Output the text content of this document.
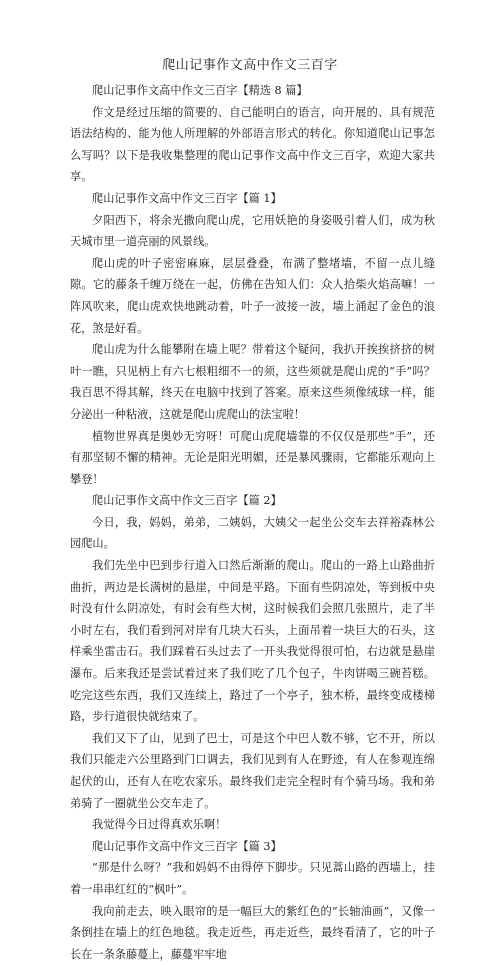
爬山记事作文高中作文三百字

爬山记事作文高中作文三百字【精选 8 篇】

作文是经过压缩的简要的、自己能明白的语言，向开展的、具有规范语法结构的、能为他人所理解的外部语言形式的转化。你知道爬山记事怎么写吗？以下是我收集整理的爬山记事作文高中作文三百字，欢迎大家共享。

爬山记事作文高中作文三百字【篇 1】

夕阳西下，将余光撒向爬山虎，它用妖艳的身姿吸引着人们，成为秋天城市里一道亮丽的风景线。

爬山虎的叶子密密麻麻，层层叠叠，布满了整堵墙，不留一点儿缝隙。它的藤条千缠万绕在一起，仿佛在告知人们：众人拾柴火焰高嘛！一阵风吹来，爬山虎欢快地跳动着，叶子一波接一波，墙上涌起了金色的浪花，煞是好看。

爬山虎为什么能攀附在墙上呢？带着这个疑问，我扒开挨挨挤挤的树叶一瞧，只见柄上有六七根粗细不一的须，这些须就是爬山虎的“手”吗？我百思不得其解，终天在电脑中找到了答案。原来这些须像绒球一样，能分泌出一种粘液，这就是爬山虎爬山的法宝啦！

植物世界真是奥妙无穷呀！可爬山虎爬墙靠的不仅仅是那些“手”，还有那坚韧不懈的精神。无论是阳光明媚，还是暴风骤雨，它都能乐观向上攀登！

爬山记事作文高中作文三百字【篇 2】

今日，我，妈妈，弟弟，二姨妈，大姨父一起坐公交车去祥裕森林公园爬山。

我们先坐中巴到步行道入口然后渐渐的爬山。爬山的一路上山路曲折曲折，两边是长满树的悬崖，中间是平路。下面有些阴凉处，等到板中央时没有什么阴凉处，有时会有些大树，这时候我们会照几张照片，走了半小时左右，我们看到河对岸有几块大石头，上面吊着一块巨大的石头，这样乘坐雷击石。我们踩着石头过去了一开头我觉得很可怕，右边就是悬崖瀑布。后来我还是尝试着过来了我们吃了几个包子，牛肉饼喝三碗苔糕。吃完这些东西，我们又连续上，路过了一个亭子，独木桥，最终变成楼梯路，步行道很快就结束了。

我们又下了山，见到了巴士，可是这个中巴人数不够，它不开，所以我们只能走六公里路到门口调去，我们见到有人在野迹，有人在参观连绵起伏的山，还有人在吃农家乐。最终我们走完全程时有个骑马场。我和弟弟骑了一圈就坐公交车走了。

我觉得今日过得真欢乐啊！

爬山记事作文高中作文三百字【篇 3】

“那是什么呀？”我和妈妈不由得停下脚步。只见蒿山路的西墙上，挂着一串串红红的“枫叶”。

我向前走去，映入眼帘的是一幅巨大的紫红色的“长轴油画”，又像一条倒挂在墙上的红色地毯。我走近些，再走近些，最终看清了，它的叶子长在一条条藤蔓上，藤蔓牢牢地
